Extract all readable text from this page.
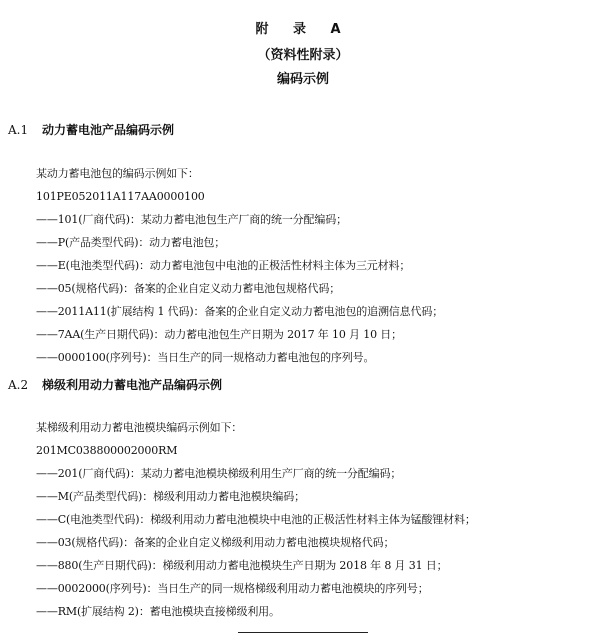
附 录 A
（资料性附录）
编码示例
A.1 动力蓄电池产品编码示例
某动力蓄电池包的编码示例如下：
101PE052011A117AA0000100
——101(厂商代码)：某动力蓄电池包生产厂商的统一分配编码；
——P(产品类型代码)：动力蓄电池包；
——E(电池类型代码)：动力蓄电池包中电池的正极活性材料主体为三元材料；
——05(规格代码)：备案的企业自定义动力蓄电池包规格代码；
——2011A11(扩展结构 1 代码)：备案的企业自定义动力蓄电池包的追溯信息代码；
——7AA(生产日期代码)：动力蓄电池包生产日期为 2017 年 10 月 10 日；
——0000100(序列号)：当日生产的同一规格动力蓄电池包的序列号。
A.2 梯级利用动力蓄电池产品编码示例
某梯级利用动力蓄电池模块编码示例如下：
201MC038800002000RM
——201(厂商代码)：某动力蓄电池模块梯级利用生产厂商的统一分配编码；
——M(产品类型代码)：梯级利用动力蓄电池模块编码；
——C(电池类型代码)：梯级利用动力蓄电池模块中电池的正极活性材料主体为锰酸锂材料；
——03(规格代码)：备案的企业自定义梯级利用动力蓄电池模块规格代码；
——880(生产日期代码)：梯级利用动力蓄电池模块生产日期为 2018 年 8 月 31 日；
——0002000(序列号)：当日生产的同一规格梯级利用动力蓄电池模块的序列号；
——RM(扩展结构 2)：蓄电池模块直接梯级利用。
